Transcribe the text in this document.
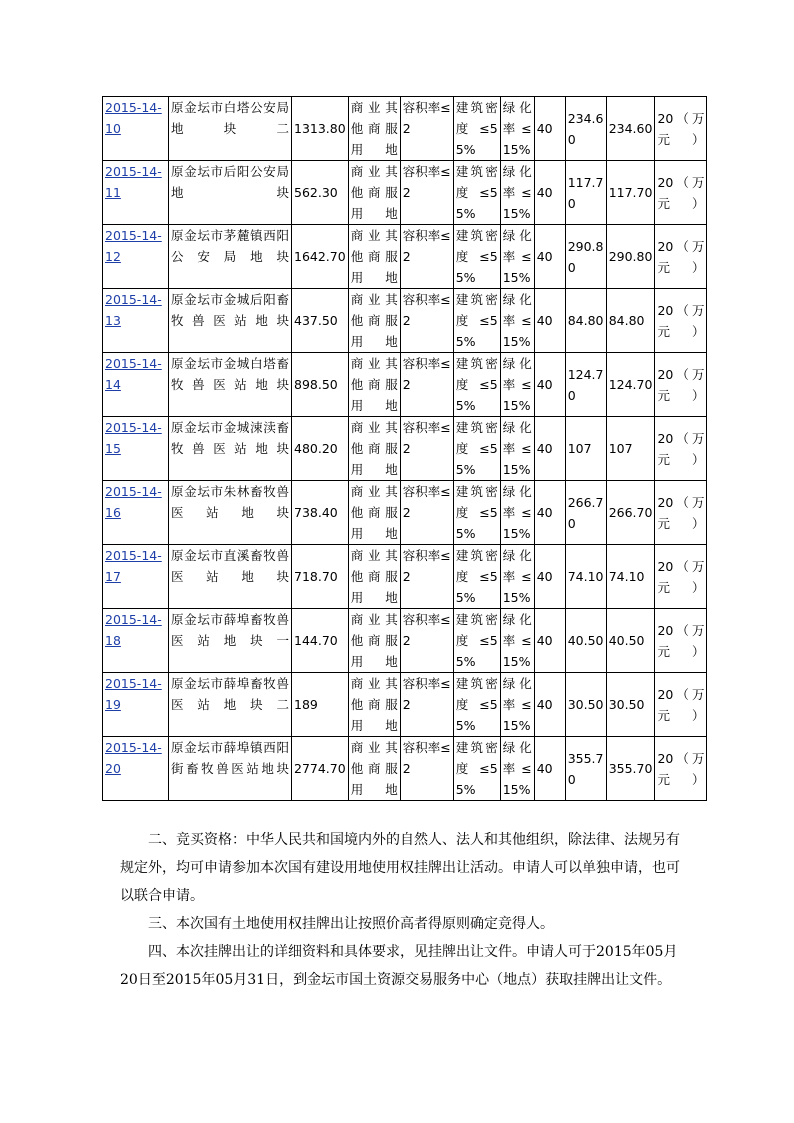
2015-14-10	原金坛市白塔公安局地块二	1313.80	商业其他商服用地	容积率≤2	建筑密度≤55%	绿化率≤15%	40	234.60	234.60	20（万元）
2015-14-11	原金坛市后阳公安局地块	562.30	商业其他商服用地	容积率≤2	建筑密度≤55%	绿化率≤15%	40	117.70	117.70	20（万元）
2015-14-12	原金坛市茅麓镇西阳公安局地块	1642.70	商业其他商服用地	容积率≤2	建筑密度≤55%	绿化率≤15%	40	290.80	290.80	20（万元）
2015-14-13	原金坛市金城后阳畜牧兽医站地块	437.50	商业其他商服用地	容积率≤2	建筑密度≤55%	绿化率≤15%	40	84.80	84.80	20（万元）
2015-14-14	原金坛市金城白塔畜牧兽医站地块	898.50	商业其他商服用地	容积率≤2	建筑密度≤55%	绿化率≤15%	40	124.70	124.70	20（万元）
2015-14-15	原金坛市金城涑渎畜牧兽医站地块	480.20	商业其他商服用地	容积率≤2	建筑密度≤55%	绿化率≤15%	40	107	107	20（万元）
2015-14-16	原金坛市朱林畜牧兽医站地块	738.40	商业其他商服用地	容积率≤2	建筑密度≤55%	绿化率≤15%	40	266.70	266.70	20（万元）
2015-14-17	原金坛市直溪畜牧兽医站地块	718.70	商业其他商服用地	容积率≤2	建筑密度≤55%	绿化率≤15%	40	74.10	74.10	20（万元）
2015-14-18	原金坛市薛埠畜牧兽医站地块一	144.70	商业其他商服用地	容积率≤2	建筑密度≤55%	绿化率≤15%	40	40.50	40.50	20（万元）
2015-14-19	原金坛市薛埠畜牧兽医站地块二	189	商业其他商服用地	容积率≤2	建筑密度≤55%	绿化率≤15%	40	30.50	30.50	20（万元）
2015-14-20	原金坛市薛埠镇西阳街畜牧兽医站地块	2774.70	商业其他商服用地	容积率≤2	建筑密度≤55%	绿化率≤15%	40	355.70	355.70	20（万元）

二、竞买资格：中华人民共和国境内外的自然人、法人和其他组织，除法律、法规另有规定外，均可申请参加本次国有建设用地使用权挂牌出让活动。申请人可以单独申请，也可以联合申请。

三、本次国有土地使用权挂牌出让按照价高者得原则确定竞得人。

四、本次挂牌出让的详细资料和具体要求，见挂牌出让文件。申请人可于2015年05月20日至2015年05月31日，到金坛市国土资源交易服务中心（地点）获取挂牌出让文件。
